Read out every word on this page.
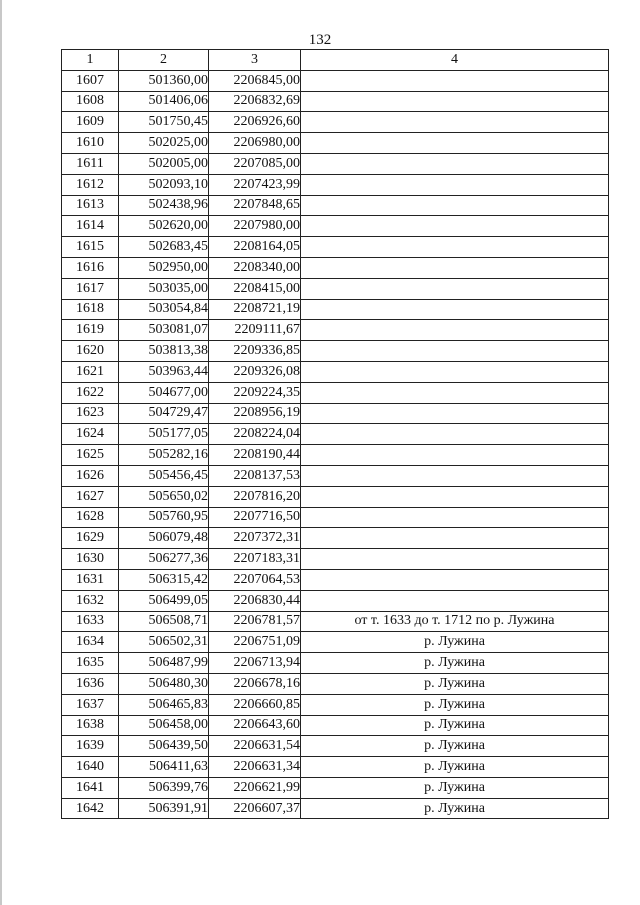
132
1	2	3	4
1607	501360,00	2206845,00	
1608	501406,06	2206832,69	
1609	501750,45	2206926,60	
1610	502025,00	2206980,00	
1611	502005,00	2207085,00	
1612	502093,10	2207423,99	
1613	502438,96	2207848,65	
1614	502620,00	2207980,00	
1615	502683,45	2208164,05	
1616	502950,00	2208340,00	
1617	503035,00	2208415,00	
1618	503054,84	2208721,19	
1619	503081,07	2209111,67	
1620	503813,38	2209336,85	
1621	503963,44	2209326,08	
1622	504677,00	2209224,35	
1623	504729,47	2208956,19	
1624	505177,05	2208224,04	
1625	505282,16	2208190,44	
1626	505456,45	2208137,53	
1627	505650,02	2207816,20	
1628	505760,95	2207716,50	
1629	506079,48	2207372,31	
1630	506277,36	2207183,31	
1631	506315,42	2207064,53	
1632	506499,05	2206830,44	
1633	506508,71	2206781,57	от т. 1633 до т. 1712 по р. Лужина
1634	506502,31	2206751,09	р. Лужина
1635	506487,99	2206713,94	р. Лужина
1636	506480,30	2206678,16	р. Лужина
1637	506465,83	2206660,85	р. Лужина
1638	506458,00	2206643,60	р. Лужина
1639	506439,50	2206631,54	р. Лужина
1640	506411,63	2206631,34	р. Лужина
1641	506399,76	2206621,99	р. Лужина
1642	506391,91	2206607,37	р. Лужина
